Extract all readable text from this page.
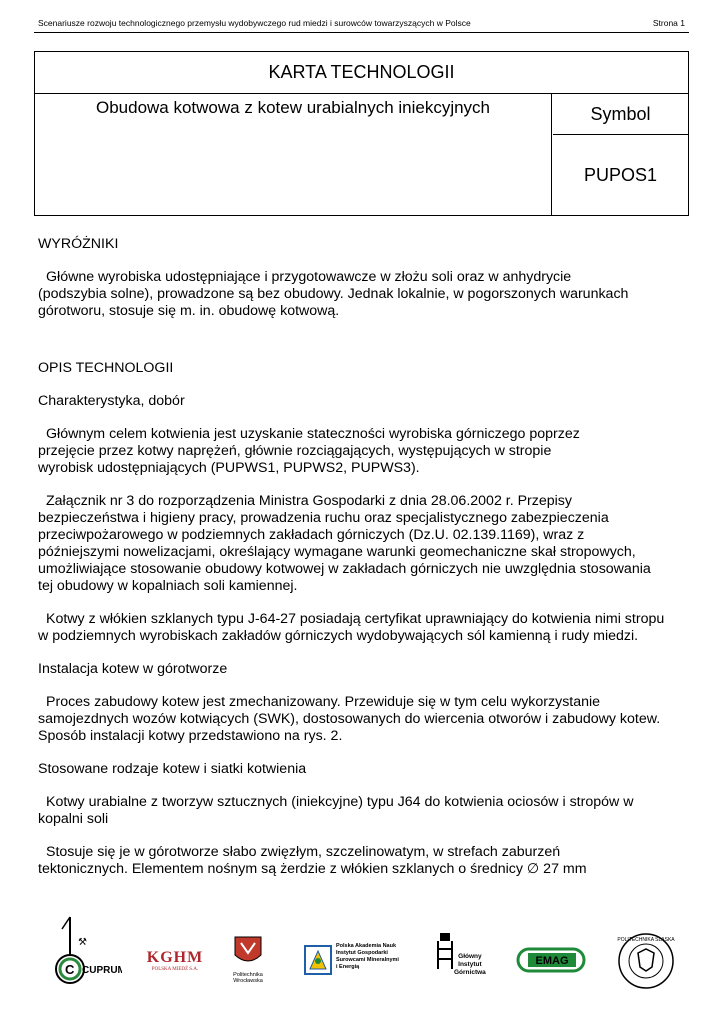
Scenariusze rozwoju technologicznego przemysłu wydobywczego rud miedzi i surowców towarzyszących w Polsce	Strona 1
KARTA TECHNOLOGII
Obudowa kotwowa z kotew urabialnych iniekcyjnych	Symbol
PUPOS1

WYRÓŻNIKI

Główne wyrobiska udostępniające i przygotowawcze w złożu soli oraz w anhydrycie
(podszybia solne), prowadzone są bez obudowy. Jednak lokalnie, w pogorszonych warunkach
górotworu, stosuje się m. in. obudowę kotwową.

OPIS TECHNOLOGII

Charakterystyka, dobór

Głównym celem kotwienia jest uzyskanie stateczności wyrobiska górniczego poprzez
przejęcie przez kotwy naprężeń, głównie rozciągających, występujących w stropie
wyrobisk udostępniających (PUPWS1, PUPWS2, PUPWS3).

Załącznik nr 3 do rozporządzenia Ministra Gospodarki z dnia 28.06.2002 r. Przepisy
bezpieczeństwa i higieny pracy, prowadzenia ruchu oraz specjalistycznego zabezpieczenia
przeciwpożarowego w podziemnych zakładach górniczych (Dz.U. 02.139.1169), wraz z
późniejszymi nowelizacjami, określający wymagane warunki geomechaniczne skał stropowych,
umożliwiające stosowanie obudowy kotwowej w zakładach górniczych nie uwzględnia stosowania
tej obudowy w kopalniach soli kamiennej.

Kotwy z włókien szklanych typu J-64-27 posiadają certyfikat uprawniający do kotwienia nimi stropu
w podziemnych wyrobiskach zakładów górniczych wydobywających sól kamienną i rudy miedzi.

Instalacja kotew w górotworze

Proces zabudowy kotew jest zmechanizowany. Przewiduje się w tym celu wykorzystanie
samojezdnych wozów kotwiących (SWK), dostosowanych do wiercenia otworów i zabudowy kotew.
Sposób instalacji kotwy przedstawiono na rys. 2.

Stosowane rodzaje kotew i siatki kotwienia

Kotwy urabialne z tworzyw sztucznych (iniekcyjne) typu J64 do kotwienia ociosów i stropów w
kopalni soli

Stosuje się je w górotworze słabo zwięzłym, szczelinowatym, w strefach zaburzeń
tektonicznych. Elementem nośnym są żerdzie z włókien szklanych o średnicy ∅ 27 mm

⚒
C CUPRUM
KGHM
POLSKA MIEDŹ S.A.
Politechnika
Wrocławska
Polska Akademia Nauk
Instytut Gospodarki
Surowcami Mineralnymi
i Energią
Główny
Instytut
Górnictwa
EMAG
POLITECHNIKA ŚLĄSKA
